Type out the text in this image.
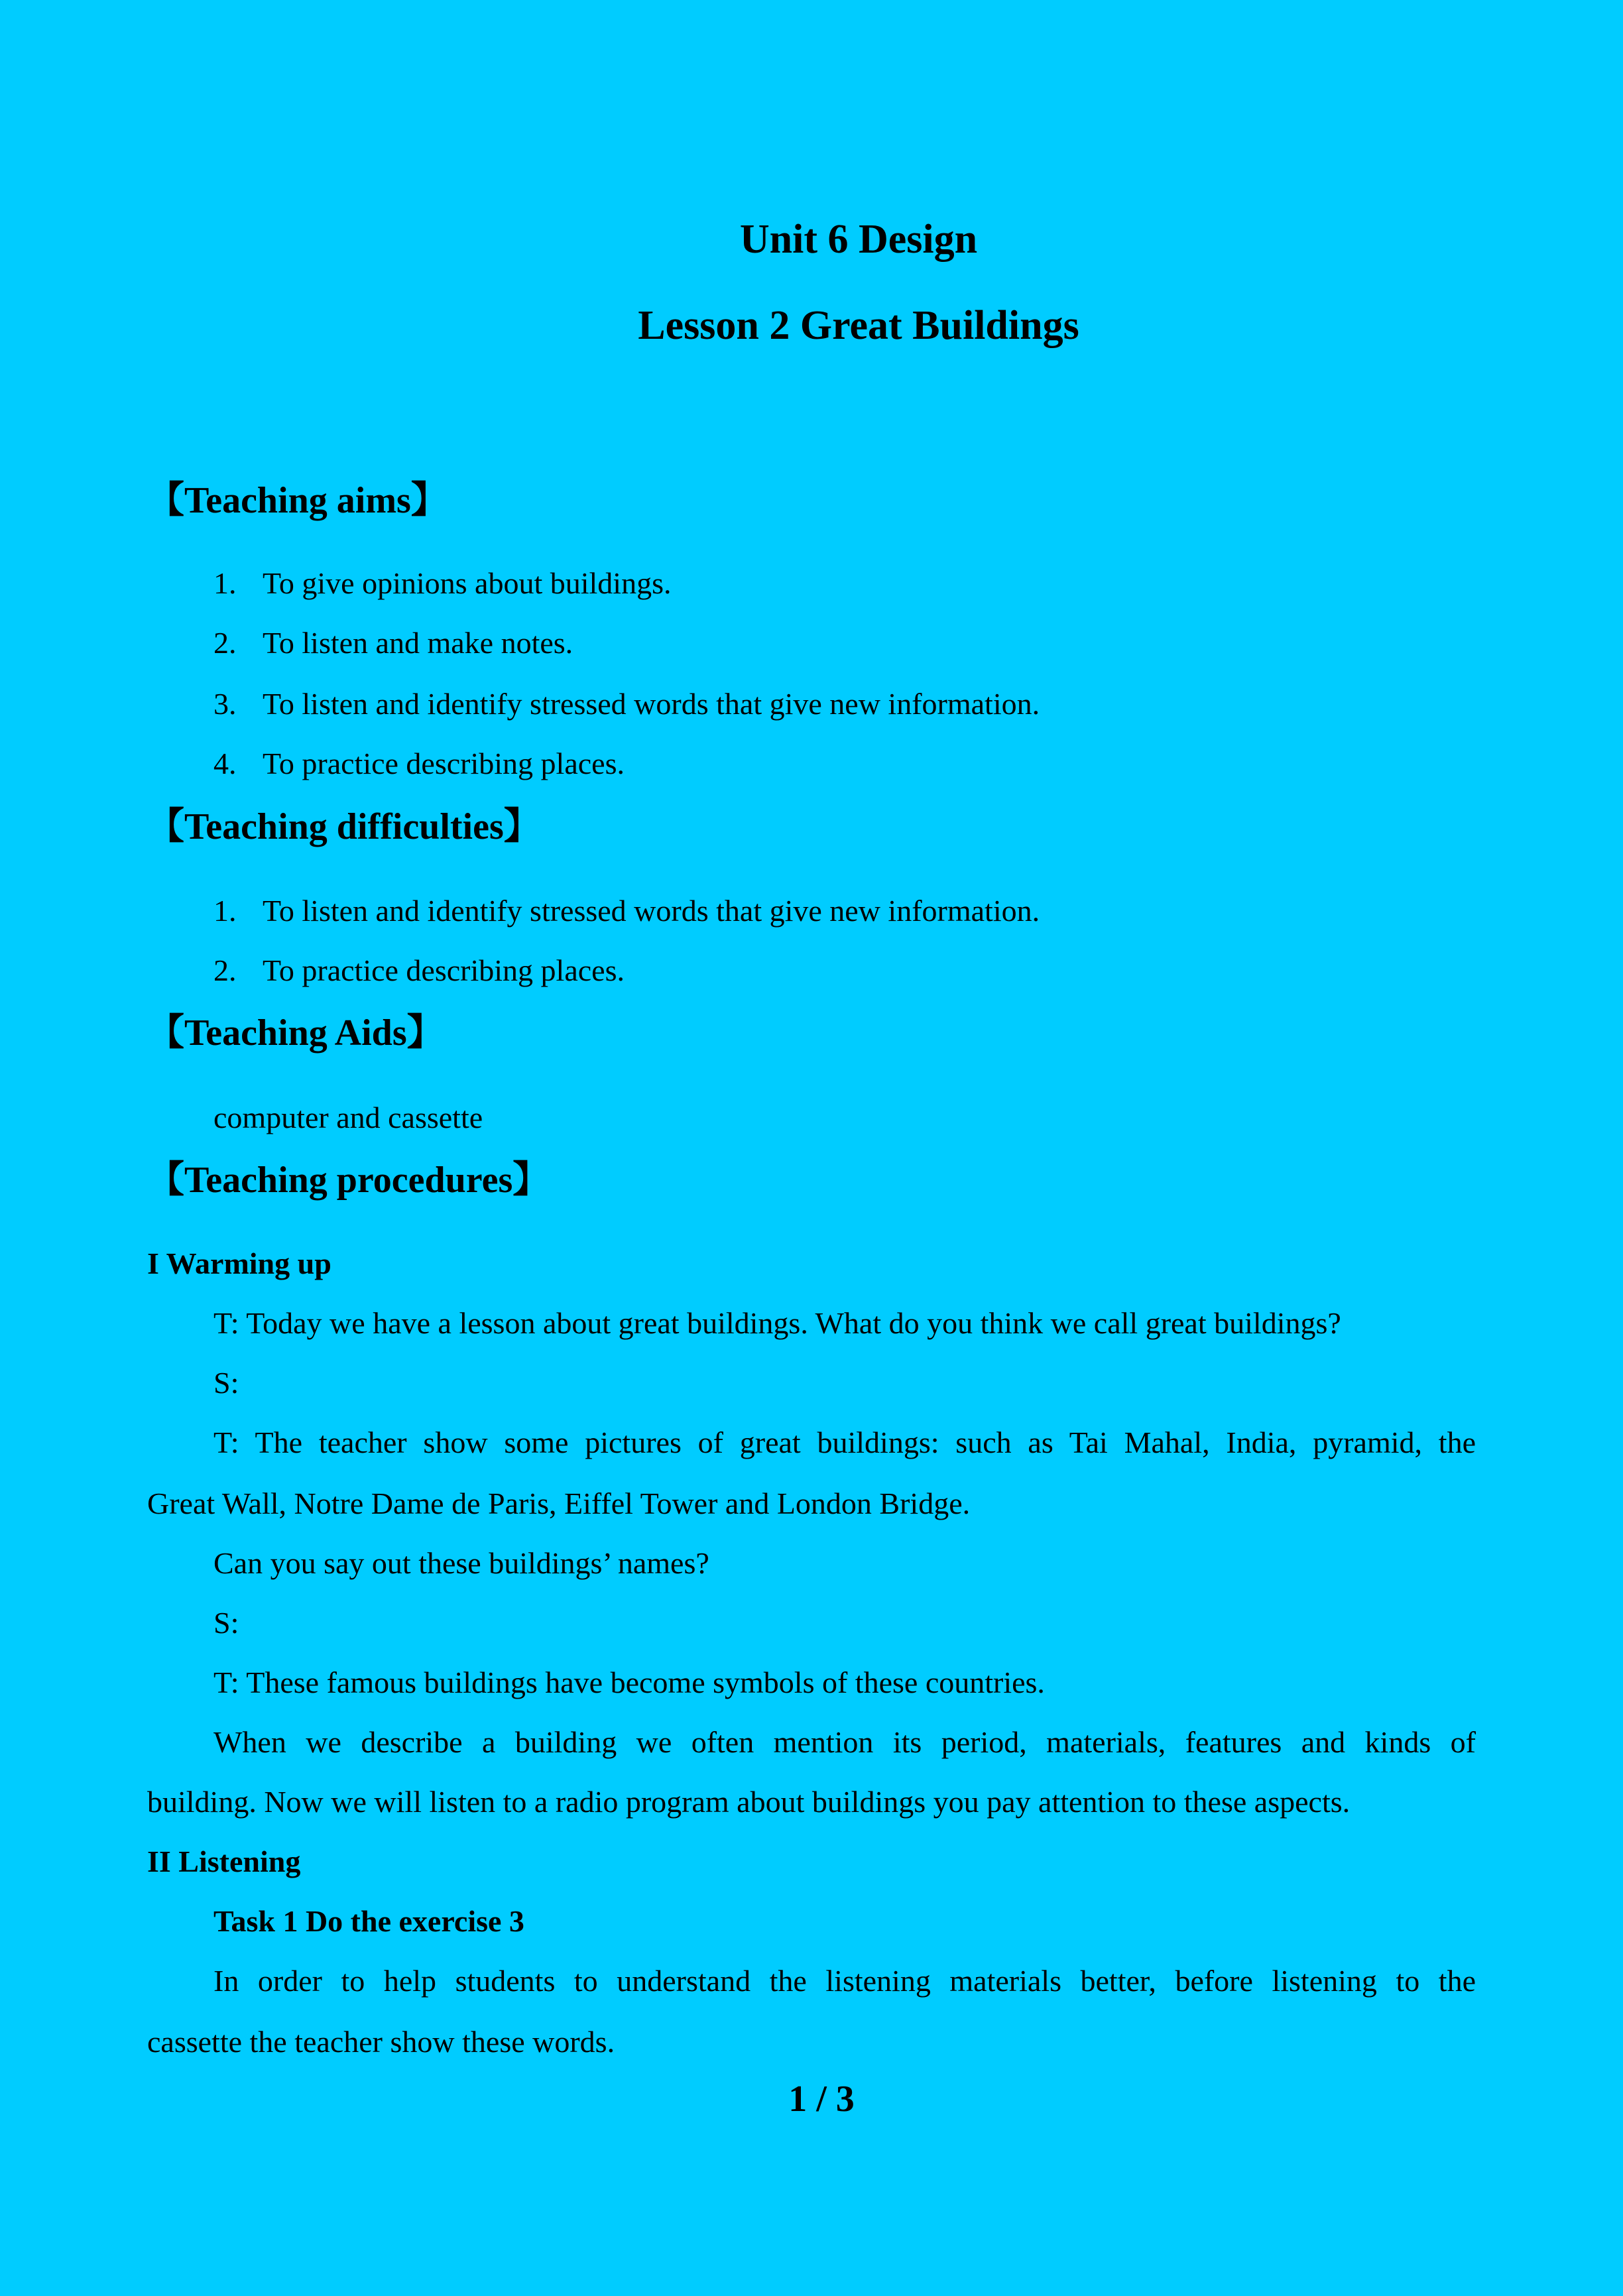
Unit 6 Design
Lesson 2 Great Buildings
【Teaching aims】
1. To give opinions about buildings.
2. To listen and make notes.
3. To listen and identify stressed words that give new information.
4. To practice describing places.
【Teaching difficulties】
1. To listen and identify stressed words that give new information.
2. To practice describing places.
【Teaching Aids】
computer and cassette
【Teaching procedures】
I Warming up
T: Today we have a lesson about great buildings. What do you think we call great buildings?
S:
T: The teacher show some pictures of great buildings: such as Tai Mahal, India, pyramid, the
Great Wall, Notre Dame de Paris, Eiffel Tower and London Bridge.
Can you say out these buildings’ names?
S:
T: These famous buildings have become symbols of these countries.
When we describe a building we often mention its period, materials, features and kinds of
building. Now we will listen to a radio program about buildings you pay attention to these aspects.
II Listening
Task 1 Do the exercise 3
In order to help students to understand the listening materials better, before listening to the
cassette the teacher show these words.
1 / 3
